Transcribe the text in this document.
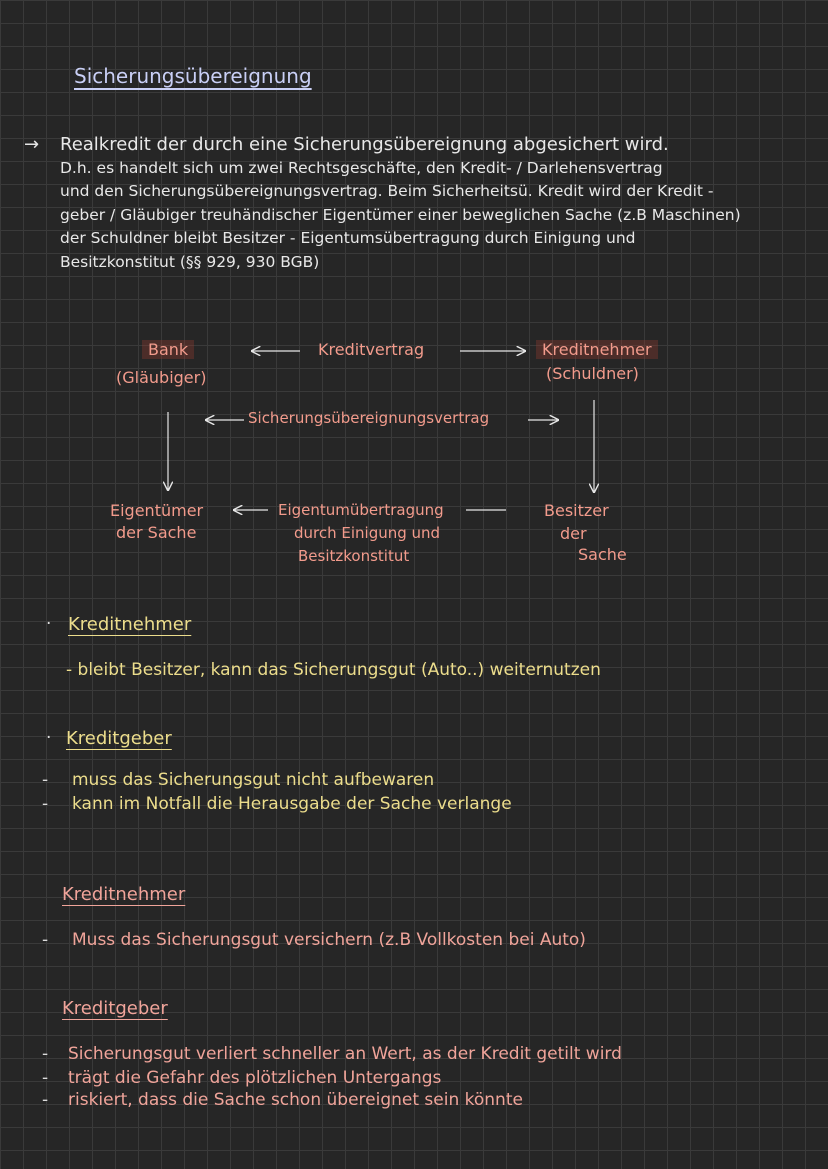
Sicherungsübereignung
→ Realkredit der durch eine Sicherungsübereignung abgesichert wird.
D.h. es handelt sich um zwei Rechtsgeschäfte, den Kredit- / Darlehensvertrag
und den Sicherungsübereignungsvertrag. Beim Sicherheitsü. Kredit wird der Kredit -
geber / Gläubiger treuhändischer Eigentümer einer beweglichen Sache (z.B Maschinen)
der Schuldner bleibt Besitzer - Eigentumsübertragung durch Einigung und
Besitzkonstitut (§§ 929, 930 BGB)
Bank
(Gläubiger)
Kreditvertrag	Kreditnehmer
(Schuldner)
Sicherungsübereignungsvertrag
Eigentümer
der Sache
Eigentumübertragung
durch Einigung und
Besitzkonstitut
Besitzer
der
Sache
· Kreditnehmer
- bleibt Besitzer, kann das Sicherungsgut (Auto..) weiternutzen
· Kreditgeber
- muss das Sicherungsgut nicht aufbewaren
- kann im Notfall die Herausgabe der Sache verlange
Kreditnehmer
- Muss das Sicherungsgut versichern (z.B Vollkosten bei Auto)
Kreditgeber
- Sicherungsgut verliert schneller an Wert, as der Kredit getilt wird
- trägt die Gefahr des plötzlichen Untergangs
- riskiert, dass die Sache schon übereignet sein könnte
